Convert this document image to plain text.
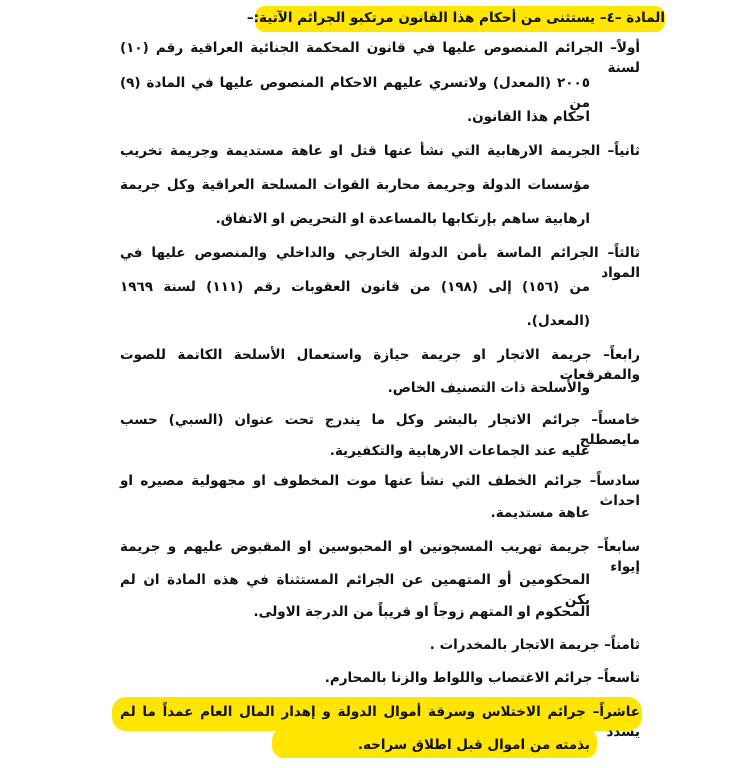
المادة –٤– يستثنى من أحكام هذا القانون مرتكبو الجرائم الآتية:–
أولاً– الجرائم المنصوص عليها في قانون المحكمة الجنائية العراقية رقم (١٠) لسنة
٢٠٠٥ (المعدل) ولاتسري عليهم الاحكام المنصوص عليها في المادة (٩) من
احكام هذا القانون.
ثانياً– الجريمة الارهابية التي نشأ عنها قتل او عاهة مستديمة وجريمة تخريب
مؤسسات الدولة وجريمة محاربة القوات المسلحة العراقية وكل جريمة
ارهابية ساهم بإرتكابها بالمساعدة او التحريض او الاتفاق.
ثالثاً– الجرائم الماسة بأمن الدولة الخارجي والداخلي والمنصوص عليها في المواد
من (١٥٦) إلى (١٩٨) من قانون العقوبات رقم (١١١) لسنة ١٩٦٩
(المعدل).
رابعاً– جريمة الاتجار او جريمة حيازة واستعمال الأسلحة الكاتمة للصوت والمفرقعات
والأسلحة ذات التصنيف الخاص.
خامساً– جرائم الاتجار بالبشر وكل ما يندرج تحت عنوان (السبي) حسب مايصطلح
عليه عند الجماعات الارهابية والتكفيرية.
سادساً– جرائم الخطف التي نشأ عنها موت المخطوف او مجهولية مصيره او احداث
عاهة مستديمة.
سابعاً– جريمة تهريب المسجونين او المحبوسين او المقبوض عليهم و جريمة إيواء
المحكومين أو المتهمين عن الجرائم المستثناة في هذه المادة ان لم يكن
المحكوم او المتهم زوجاً او قريباً من الدرجة الاولى.
ثامناً– جريمة الاتجار بالمخدرات .
تاسعاً– جرائم الاغتصاب واللواط والزنا بالمحارم.
عاشراً– جرائم الاختلاس وسرقة أموال الدولة و إهدار المال العام عمداً ما لم يسدد
بذمته من اموال قبل اطلاق سراحه.
